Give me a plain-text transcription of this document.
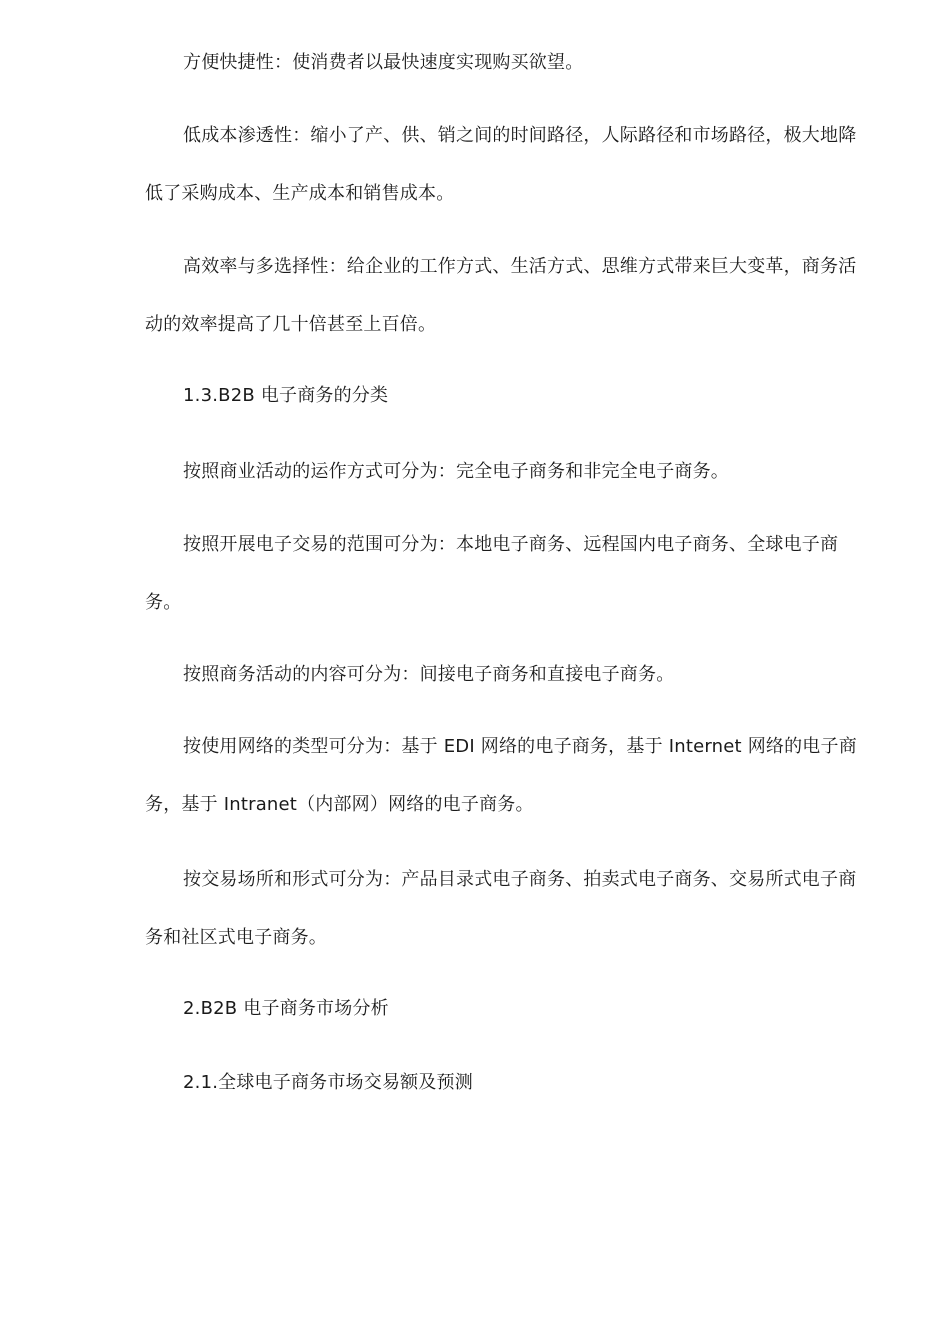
方便快捷性：使消费者以最快速度实现购买欲望。

低成本渗透性：缩小了产、供、销之间的时间路径，人际路径和市场路径，极大地降低了采购成本、生产成本和销售成本。

高效率与多选择性：给企业的工作方式、生活方式、思维方式带来巨大变革，商务活动的效率提高了几十倍甚至上百倍。

1.3.B2B 电子商务的分类

按照商业活动的运作方式可分为：完全电子商务和非完全电子商务。

按照开展电子交易的范围可分为：本地电子商务、远程国内电子商务、全球电子商务。

按照商务活动的内容可分为：间接电子商务和直接电子商务。

按使用网络的类型可分为：基于 EDI 网络的电子商务，基于 Internet 网络的电子商务，基于 Intranet（内部网）网络的电子商务。

按交易场所和形式可分为：产品目录式电子商务、拍卖式电子商务、交易所式电子商务和社区式电子商务。

2.B2B 电子商务市场分析

2.1.全球电子商务市场交易额及预测
